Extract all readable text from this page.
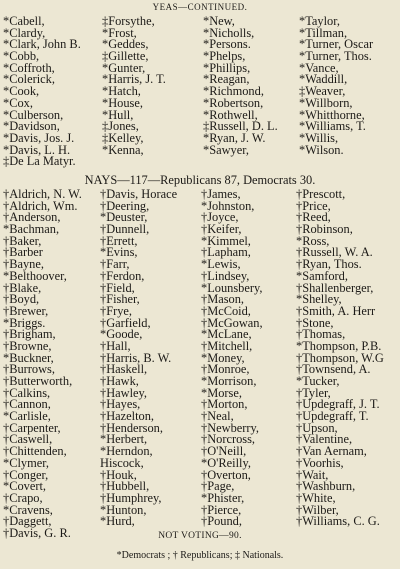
YEAS—CONTINUED.
*Cabell,
*Clardy,
*Clark, John B.
*Cobb,
*Coffroth,
*Colerick,
*Cook,
*Cox,
*Culberson,
*Davidson,
*Davis, Jos. J.
*Davis, L. H.
‡De La Matyr.
‡Forsythe,
*Frost,
*Geddes,
‡Gillette,
*Gunter,
*Harris, J. T.
*Hatch,
*House,
*Hull,
‡Jones,
‡Kelley,
*Kenna,
*New,
*Nicholls,
*Persons.
*Phelps,
*Phillips,
*Reagan,
*Richmond,
*Robertson,
*Rothwell,
‡Russell, D. L.
*Ryan, J. W.
*Sawyer,
*Taylor,
*Tillman,
*Turner, Oscar
*Turner, Thos.
*Vance,
*Waddill,
‡Weaver,
*Willborn,
*Whitthorne,
*Williams, T.
*Willis,
*Wilson.
NAYS—117—Republicans 87, Democrats 30.
†Aldrich, N. W.
†Aldrich, Wm.
†Anderson,
*Bachman,
†Baker,
†Barber
†Bayne,
*Belthoover,
†Blake,
†Boyd,
†Brewer,
*Briggs.
†Brigham,
†Browne,
*Buckner,
†Burrows,
†Butterworth,
†Calkins,
†Cannon,
*Carlisle,
†Carpenter,
†Caswell,
†Chittenden,
*Clymer,
†Conger,
*Covert,
†Crapo,
*Cravens,
†Daggett,
†Davis, G. R.
†Davis, Horace
†Deering,
*Deuster,
†Dunnell,
†Errett,
*Evins,
†Farr,
†Ferdon,
†Field,
†Fisher,
†Frye,
†Garfield,
*Goode,
†Hall,
†Harris, B. W.
†Haskell,
†Hawk,
†Hawley,
†Hayes,
†Hazelton,
†Henderson,
*Herbert,
*Herndon,
Hiscock,
†Houk,
†Hubbell,
†Humphrey,
*Hunton,
*Hurd,
†James,
*Johnston,
†Joyce,
†Keifer,
*Kimmel,
†Lapham,
*Lewis,
†Lindsey,
*Lounsbery,
†Mason,
†McCoid,
†McGowan,
*McLane,
†Mitchell,
*Money,
†Monroe,
*Morrison,
*Morse,
†Morton,
†Neal,
†Newberry,
†Norcross,
†O'Neill,
*O'Reilly,
†Overton,
†Page,
*Phister,
†Pierce,
†Pound,
†Prescott,
†Price,
†Reed,
†Robinson,
*Ross,
†Russell, W. A.
†Ryan, Thos.
*Samford,
†Shallenberger,
*Shelley,
†Smith, A. Herr
†Stone,
†Thomas,
*Thompson, P.B.
†Thompson, W.G
†Townsend, A.
*Tucker,
†Tyler,
†Updegraff, J. T.
†Updegraff, T.
†Upson,
†Valentine,
†Van Aernam,
†Voorhis,
†Wait,
†Washburn,
†White,
†Wilber,
†Williams, C. G.
NOT VOTING—90.
*Democrats ; † Republicans; ‡ Nationals.
